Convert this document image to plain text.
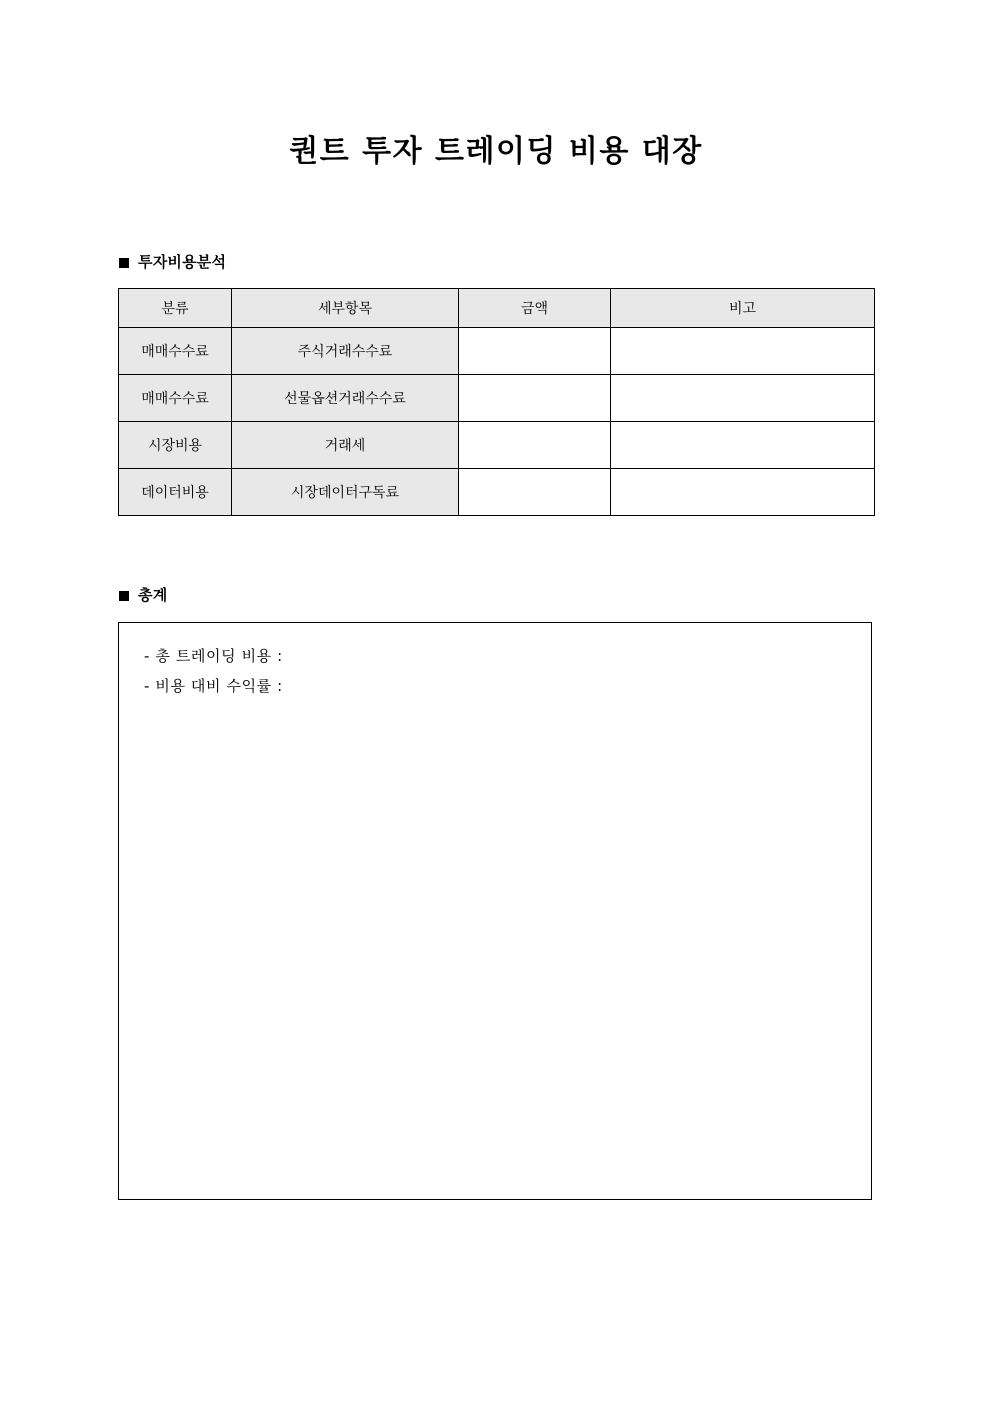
퀀트 투자 트레이딩 비용 대장
투자비용분석
분류	세부항목	금액	비고
매매수수료	주식거래수수료		
매매수수료	선물옵션거래수수료		
시장비용	거래세		
데이터비용	시장데이터구독료		
총계
- 총 트레이딩 비용 :
- 비용 대비 수익률 :
